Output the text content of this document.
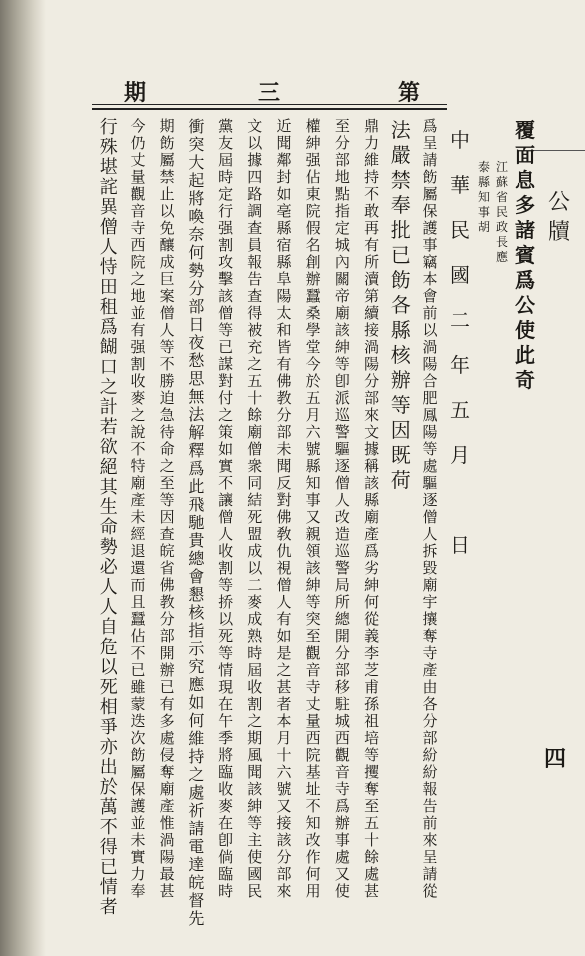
期	三	第
公
牘
四
覆
面
息
多
諸
賓
爲
公
使
此
奇
江
蘇
省
民
政
長
應
泰
縣
知
事
胡
中
華
民
國
二
年
五
月
日
爲
呈
請
飭
屬
保
護
事
竊
本
會
前
以
渦
陽
合
肥
鳳
陽
等
處
驅
逐
僧
人
拆
毀
廟
宇
攘
奪
寺
產
由
各
分
部
紛
紛
報
告
前
來
呈
請
從
法
嚴
禁
奉
批
已
飭
各
縣
核
辦
等
因
既
荷
鼎
力
維
持
不
敢
再
有
所
瀆
第
續
接
渦
陽
分
部
來
文
據
稱
該
縣
廟
產
爲
劣
紳
何
從
義
李
芝
甫
孫
祖
培
等
攫
奪
至
五
十
餘
處
甚
至
分
部
地
點
指
定
城
內
關
帝
廟
該
紳
等
卽
派
巡
警
驅
逐
僧
人
改
造
巡
警
局
所
總
開
分
部
移
駐
城
西
觀
音
寺
爲
辦
事
處
又
使
權
紳
强
佔
東
院
假
名
創
辦
蠶
桑
學
堂
今
於
五
月
六
號
縣
知
事
又
親
領
該
紳
等
突
至
觀
音
寺
丈
量
西
院
基
址
不
知
改
作
何
用
近
聞
鄰
封
如
亳
縣
宿
縣
阜
陽
太
和
皆
有
佛
教
分
部
未
聞
反
對
佛
敎
仇
視
僧
人
有
如
是
之
甚
者
本
月
十
六
號
又
接
該
分
部
來
文
以
據
四
路
調
查
員
報
告
查
得
被
充
之
五
十
餘
廟
僧
衆
同
結
死
盟
成
以
二
麥
成
熟
時
屆
收
割
之
期
風
聞
該
紳
等
主
使
國
民
黨
友
屆
時
定
行
强
割
攻
擊
該
僧
等
已
謀
對
付
之
策
如
實
不
讓
僧
人
收
割
等
挢
以
死
等
情
現
在
午
季
將
臨
收
麥
在
卽
倘
臨
時
衝
突
大
起
將
喚
奈
何
勢
分
部
日
夜
愁
思
無
法
解
釋
爲
此
飛
馳
貴
總
會
懇
核
指
示
究
應
如
何
維
持
之
處
祈
請
電
達
皖
督
先
期
飭
屬
禁
止
以
免
釀
成
巨
案
僧
人
等
不
勝
迫
急
待
命
之
至
等
因
查
皖
省
佛
教
分
部
開
辦
已
有
多
處
侵
奪
廟
產
惟
渦
陽
最
甚
今
仍
丈
量
觀
音
寺
西
院
之
地
並
有
强
割
收
麥
之
說
不
特
廟
產
未
經
退
還
而
且
蠶
佔
不
已
雖
蒙
迭
次
飭
屬
保
護
並
未
實
力
奉
行
殊
堪
詫
異
僧
人
恃
田
租
爲
餬
口
之
計
若
欲
絕
其
生
命
勢
必
人
人
自
危
以
死
相
爭
亦
出
於
萬
不
得
已
情
者
